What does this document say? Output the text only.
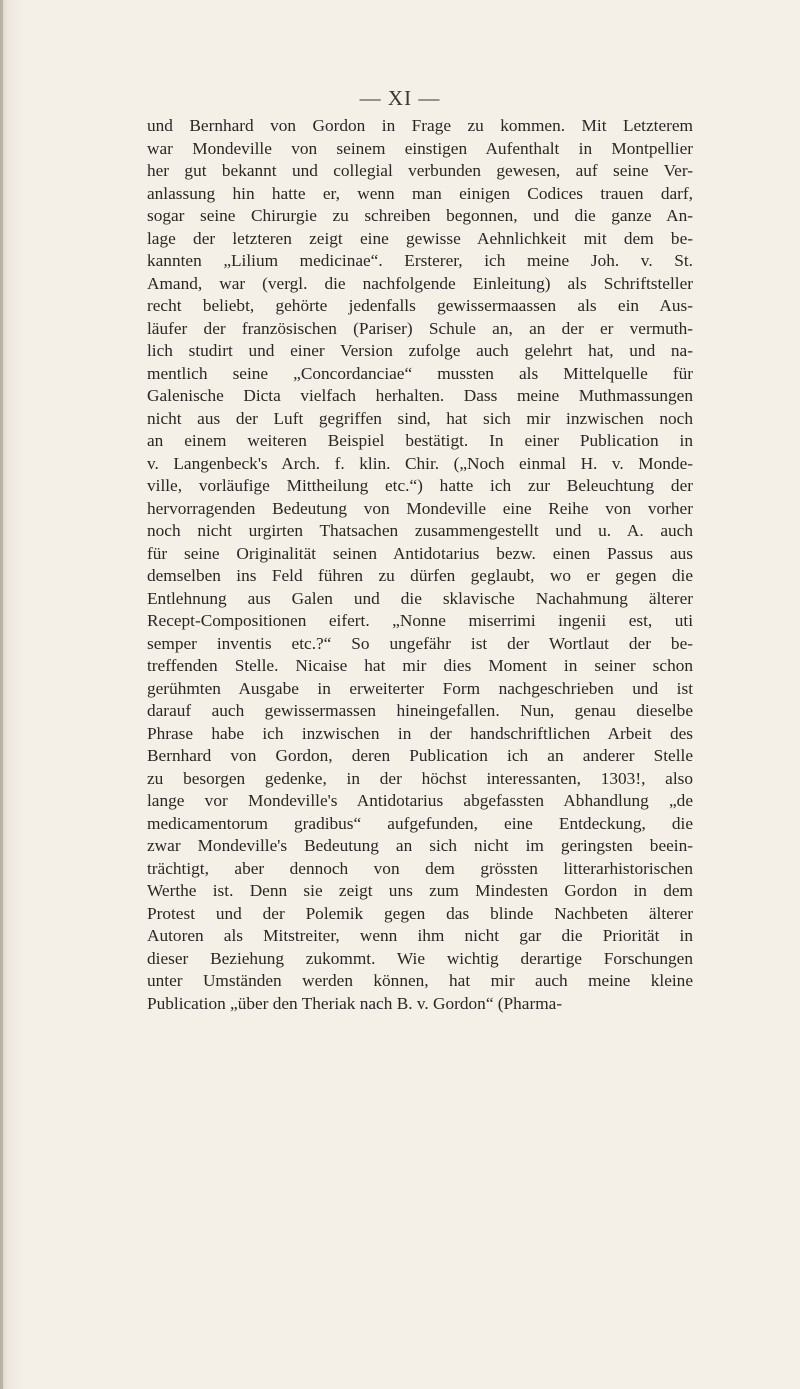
— XI —
und Bernhard von Gordon in Frage zu kommen. Mit Letzterem
war Mondeville von seinem einstigen Aufenthalt in Montpellier
her gut bekannt und collegial verbunden gewesen, auf seine Ver-
anlassung hin hatte er, wenn man einigen Codices trauen darf,
sogar seine Chirurgie zu schreiben begonnen, und die ganze An-
lage der letzteren zeigt eine gewisse Aehnlichkeit mit dem be-
kannten „Lilium medicinae“. Ersterer, ich meine Joh. v. St.
Amand, war (vergl. die nachfolgende Einleitung) als Schriftsteller
recht beliebt, gehörte jedenfalls gewissermaassen als ein Aus-
läufer der französischen (Pariser) Schule an, an der er vermuth-
lich studirt und einer Version zufolge auch gelehrt hat, und na-
mentlich seine „Concordanciae“ mussten als Mittelquelle für
Galenische Dicta vielfach herhalten. Dass meine Muthmassungen
nicht aus der Luft gegriffen sind, hat sich mir inzwischen noch
an einem weiteren Beispiel bestätigt. In einer Publication in
v. Langenbeck's Arch. f. klin. Chir. („Noch einmal H. v. Monde-
ville, vorläufige Mittheilung etc.“) hatte ich zur Beleuchtung der
hervorragenden Bedeutung von Mondeville eine Reihe von vorher
noch nicht urgirten Thatsachen zusammengestellt und u. A. auch
für seine Originalität seinen Antidotarius bezw. einen Passus aus
demselben ins Feld führen zu dürfen geglaubt, wo er gegen die
Entlehnung aus Galen und die sklavische Nachahmung älterer
Recept-Compositionen eifert. „Nonne miserrimi ingenii est, uti
semper inventis etc.?“ So ungefähr ist der Wortlaut der be-
treffenden Stelle. Nicaise hat mir dies Moment in seiner schon
gerühmten Ausgabe in erweiterter Form nachgeschrieben und ist
darauf auch gewissermassen hineingefallen. Nun, genau dieselbe
Phrase habe ich inzwischen in der handschriftlichen Arbeit des
Bernhard von Gordon, deren Publication ich an anderer Stelle
zu besorgen gedenke, in der höchst interessanten, 1303!, also
lange vor Mondeville's Antidotarius abgefassten Abhandlung „de
medicamentorum gradibus“ aufgefunden, eine Entdeckung, die
zwar Mondeville's Bedeutung an sich nicht im geringsten beein-
trächtigt, aber dennoch von dem grössten litterarhistorischen
Werthe ist. Denn sie zeigt uns zum Mindesten Gordon in dem
Protest und der Polemik gegen das blinde Nachbeten älterer
Autoren als Mitstreiter, wenn ihm nicht gar die Priorität in
dieser Beziehung zukommt. Wie wichtig derartige Forschungen
unter Umständen werden können, hat mir auch meine kleine
Publication „über den Theriak nach B. v. Gordon“ (Pharma-
